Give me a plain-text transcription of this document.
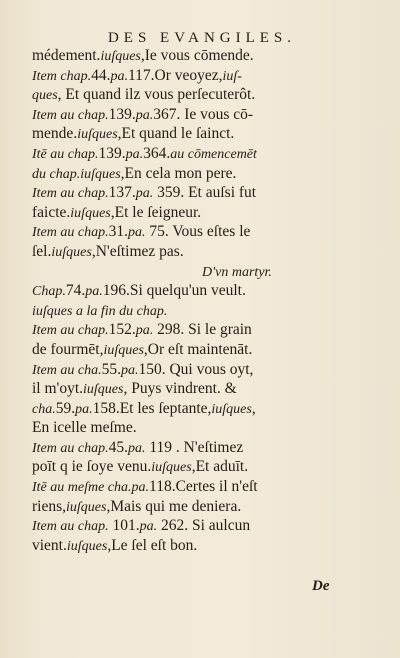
DES EVANGILES.
médement.iuſques,Ie vous cōmende.
Item chap.44.pa.117.Or veoyez,iuſ-
ques, Et quand ilz vous perſecuterôt.
Item au chap.139.pa.367. Ie vous cō-
mende.iuſques,Et quand le ſainct.
Itē au chap.139.pa.364.au cōmencemēt
du chap.iuſques,En cela mon pere.
Item au chap.137.pa. 359. Et auſsi fut
faicte.iuſques,Et le ſeigneur.
Item au chap.31.pa. 75. Vous eſtes le
ſel.iuſques,N'eſtimez pas.
D'vn martyr.
Chap.74.pa.196.Si quelqu'un veult.
iuſques a la fin du chap.
Item au chap.152.pa. 298. Si le grain
de fourmēt,iuſques,Or eſt maintenāt.
Item au cha.55.pa.150. Qui vous oyt,
il m'oyt.iuſques, Puys vindrent. &
cha.59.pa.158.Et les ſeptante,iuſques,
En icelle meſme.
Item au chap.45.pa. 119 . N'eſtimez
poīt q ie ſoye venu.iuſques,Et aduīt.
Itē au meſme cha.pa.118.Certes il n'eſt
riens,iuſques,Mais qui me deniera.
Item au chap. 101.pa. 262. Si aulcun
vient.iuſques,Le ſel eſt bon.
De
